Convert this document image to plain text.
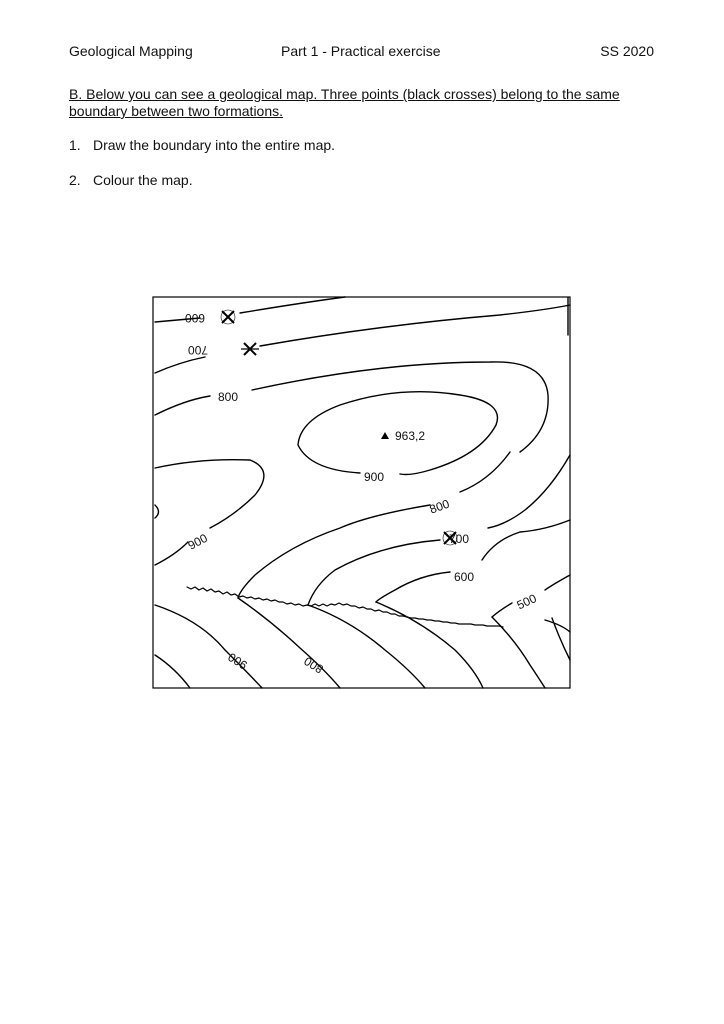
Geological Mapping	Part 1 - Practical exercise	SS 2020
B. Below you can see a geological map. Three points (black crosses) belong to the same boundary between two formations.
1. Draw the boundary into the entire map.
2. Colour the map.
963,2
600
700
800
900
900
800
700
600
500
900	800
